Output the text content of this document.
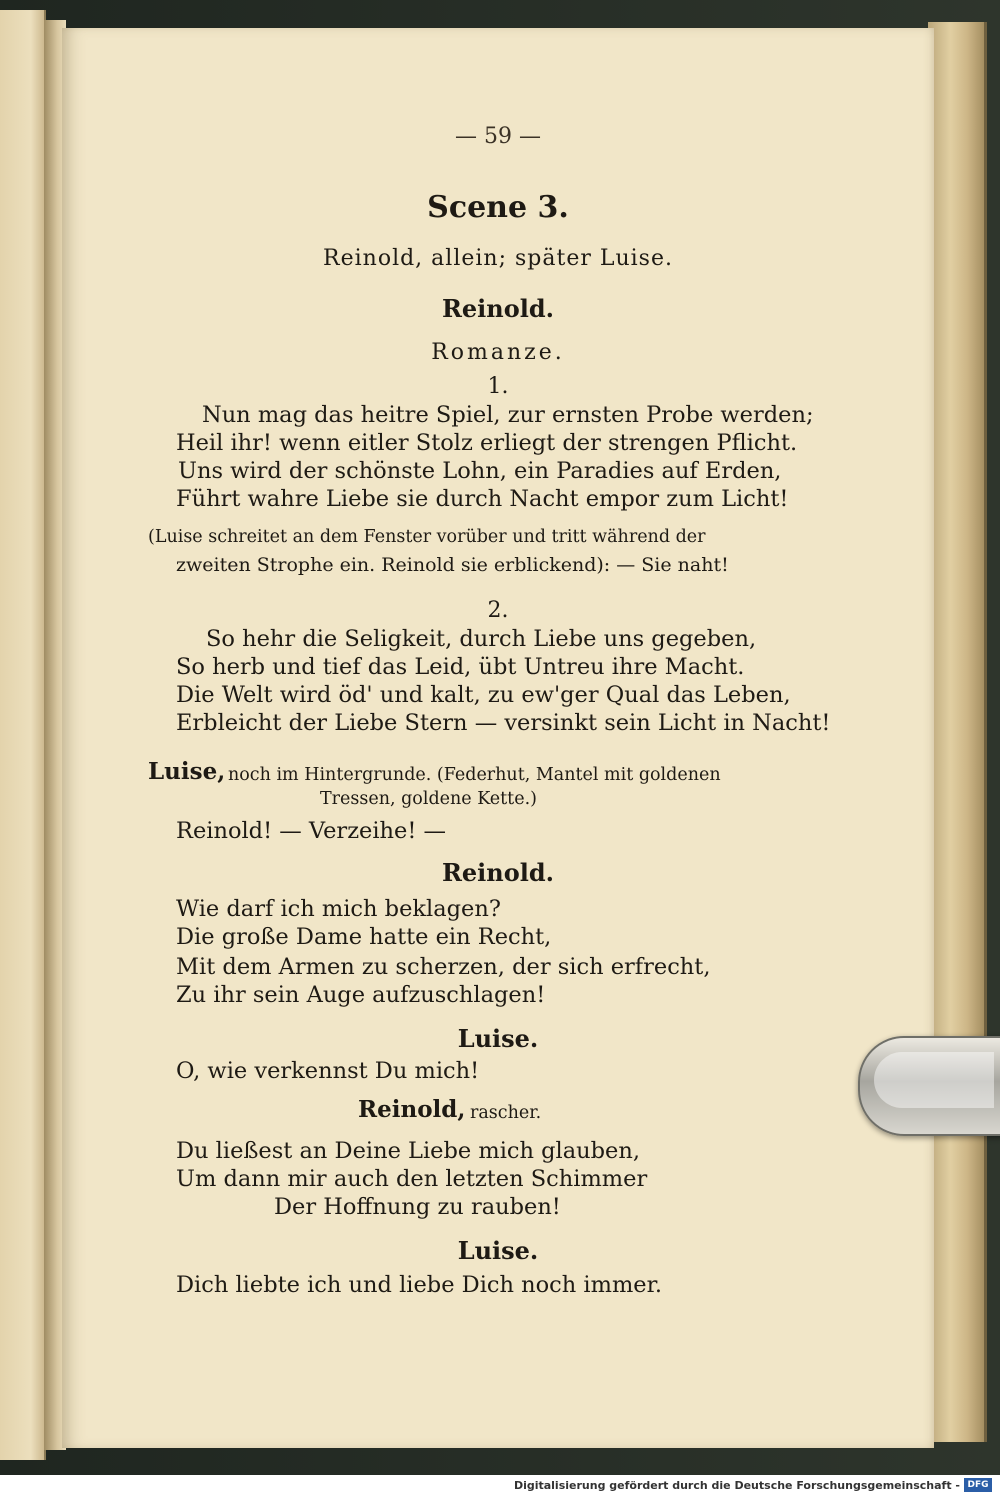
— 59 —
Scene 3.
Reinold, allein; später Luise.
Reinold.
Romanze.
1.
Nun mag das heitre Spiel, zur ernsten Probe werden;
Heil ihr! wenn eitler Stolz erliegt der strengen Pflicht.
Uns wird der schönste Lohn, ein Paradies auf Erden,
Führt wahre Liebe sie durch Nacht empor zum Licht!
(Luise schreitet an dem Fenster vorüber und tritt während der
zweiten Strophe ein. Reinold sie erblickend): — Sie naht!
2.
So hehr die Seligkeit, durch Liebe uns gegeben,
So herb und tief das Leid, übt Untreu ihre Macht.
Die Welt wird öd' und kalt, zu ew'ger Qual das Leben,
Erbleicht der Liebe Stern — versinkt sein Licht in Nacht!
Luise, noch im Hintergrunde. (Federhut, Mantel mit goldenen
Tressen, goldene Kette.)
Reinold! — Verzeihe! —
Reinold.
Wie darf ich mich beklagen?
Die große Dame hatte ein Recht,
Mit dem Armen zu scherzen, der sich erfrecht,
Zu ihr sein Auge aufzuschlagen!
Luise.
O, wie verkennst Du mich!
Reinold, rascher.
Du ließest an Deine Liebe mich glauben,
Um dann mir auch den letzten Schimmer
Der Hoffnung zu rauben!
Luise.
Dich liebte ich und liebe Dich noch immer.
Digitalisierung gefördert durch die Deutsche Forschungsgemeinschaft - DFG
